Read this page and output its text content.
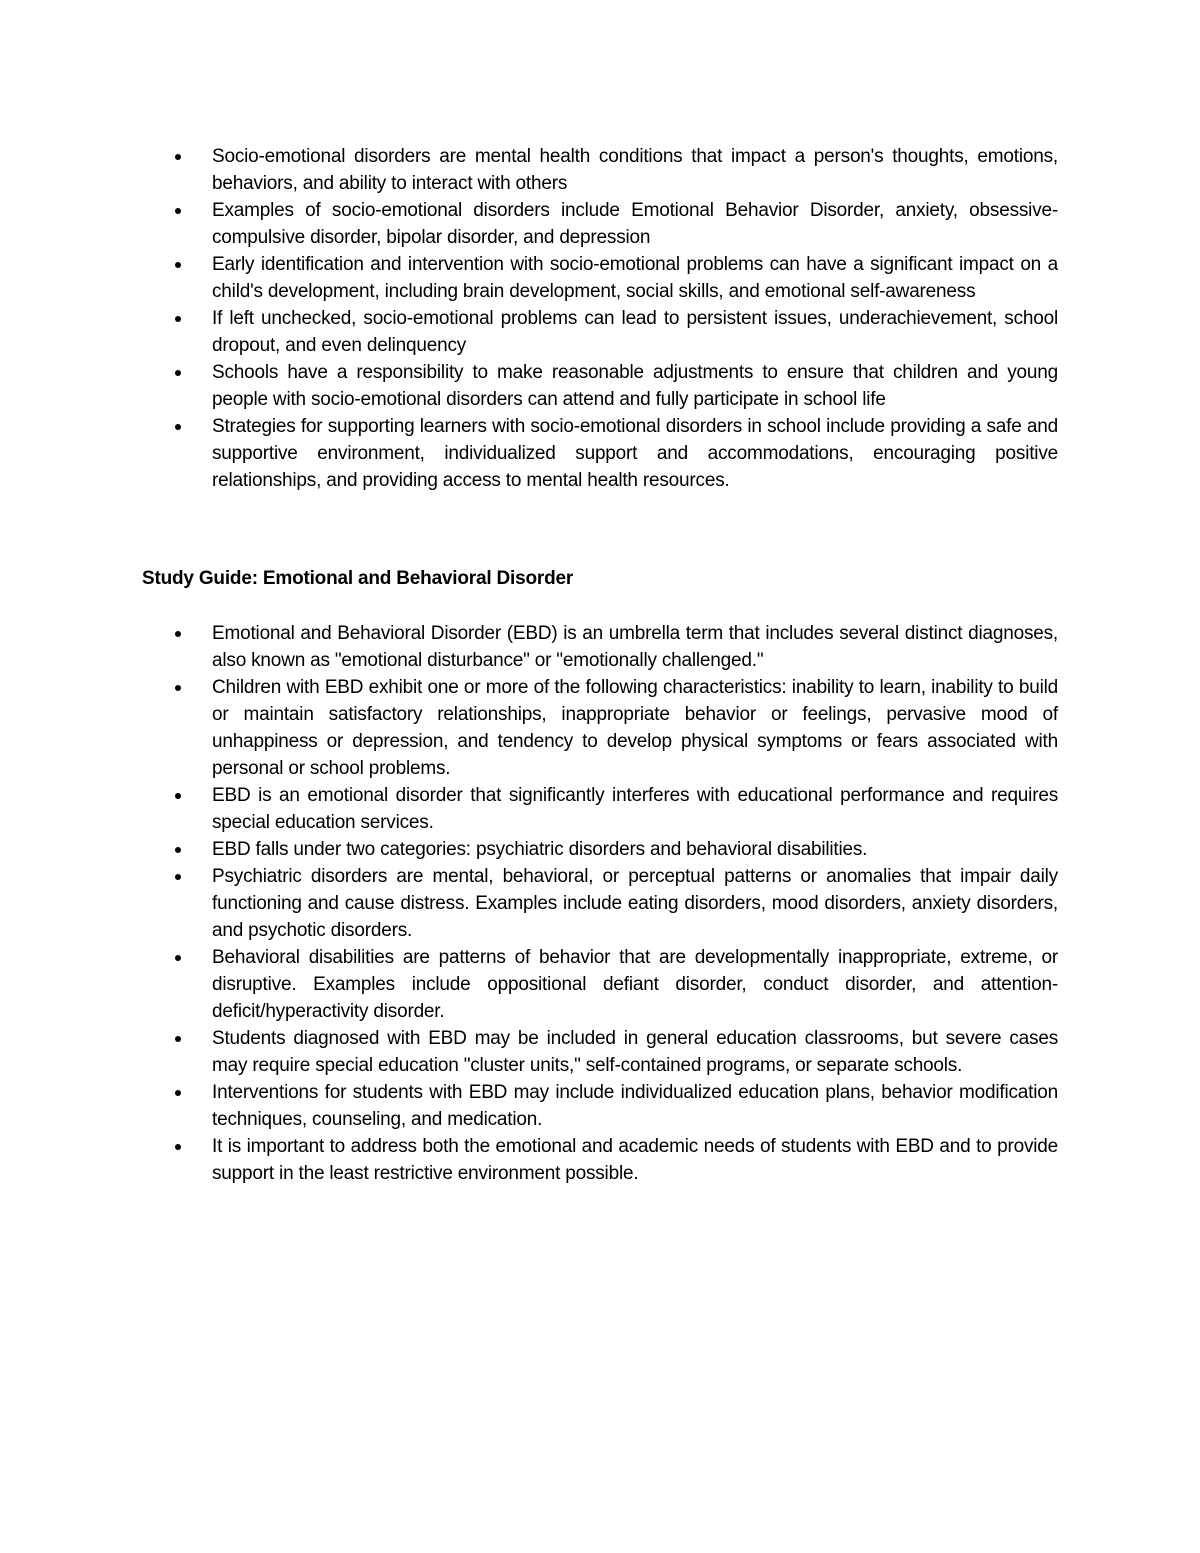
Socio-emotional disorders are mental health conditions that impact a person's thoughts, emotions, behaviors, and ability to interact with others
Examples of socio-emotional disorders include Emotional Behavior Disorder, anxiety, obsessive-compulsive disorder, bipolar disorder, and depression
Early identification and intervention with socio-emotional problems can have a significant impact on a child's development, including brain development, social skills, and emotional self-awareness
If left unchecked, socio-emotional problems can lead to persistent issues, underachievement, school dropout, and even delinquency
Schools have a responsibility to make reasonable adjustments to ensure that children and young people with socio-emotional disorders can attend and fully participate in school life
Strategies for supporting learners with socio-emotional disorders in school include providing a safe and supportive environment, individualized support and accommodations, encouraging positive relationships, and providing access to mental health resources.
Study Guide: Emotional and Behavioral Disorder
Emotional and Behavioral Disorder (EBD) is an umbrella term that includes several distinct diagnoses, also known as "emotional disturbance" or "emotionally challenged."
Children with EBD exhibit one or more of the following characteristics: inability to learn, inability to build or maintain satisfactory relationships, inappropriate behavior or feelings, pervasive mood of unhappiness or depression, and tendency to develop physical symptoms or fears associated with personal or school problems.
EBD is an emotional disorder that significantly interferes with educational performance and requires special education services.
EBD falls under two categories: psychiatric disorders and behavioral disabilities.
Psychiatric disorders are mental, behavioral, or perceptual patterns or anomalies that impair daily functioning and cause distress. Examples include eating disorders, mood disorders, anxiety disorders, and psychotic disorders.
Behavioral disabilities are patterns of behavior that are developmentally inappropriate, extreme, or disruptive. Examples include oppositional defiant disorder, conduct disorder, and attention-deficit/hyperactivity disorder.
Students diagnosed with EBD may be included in general education classrooms, but severe cases may require special education "cluster units," self-contained programs, or separate schools.
Interventions for students with EBD may include individualized education plans, behavior modification techniques, counseling, and medication.
It is important to address both the emotional and academic needs of students with EBD and to provide support in the least restrictive environment possible.
